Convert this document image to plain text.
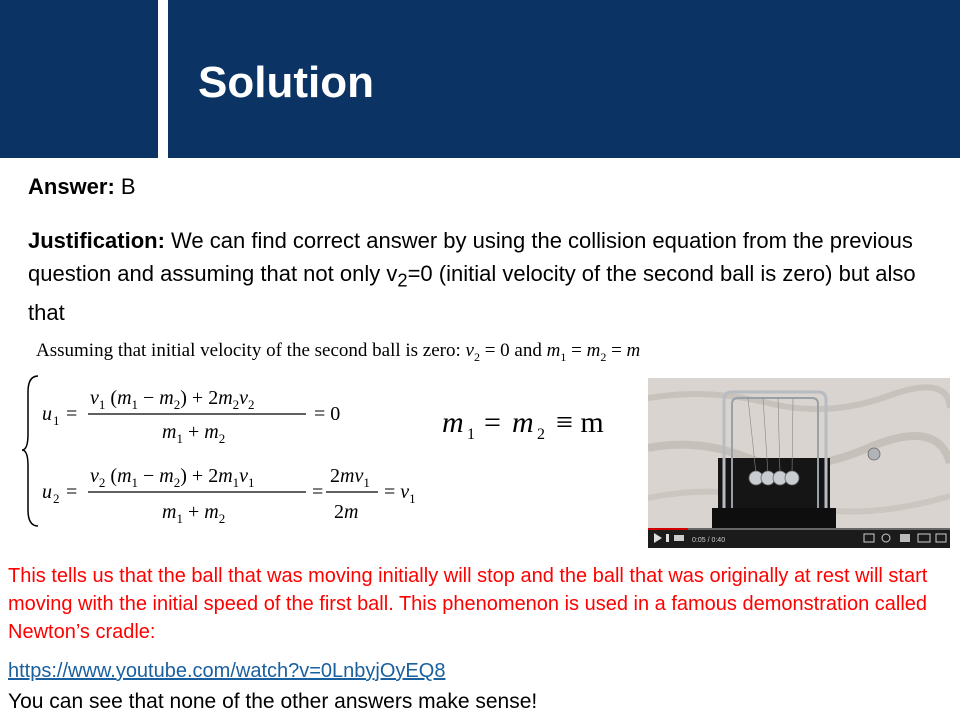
Solution
Answer: B
Justification: We can find correct answer by using the collision equation from the previous question and assuming that not only $v_2=0$ (initial velocity of the second ball is zero) but also that
Assuming that initial velocity of the second ball is zero: $v_2 = 0$ and $m_1 = m_2 = m$
u 1 =
$v_1$ $(m_1 - m_2) + 2m_2v_2$
$m_1 + m_2$
= 0
u 2 =
$v_2$ $(m_1 - m_2) + 2m_1v_1$
$m_1 + m_2$
=
$2mv_1$
2m
= $v_1$
m 1 = m 2 ≡ m
0:05 / 0:40
This tells us that the ball that was moving initially will stop and the ball that was originally at rest will start moving with the initial speed of the first ball. This phenomenon is used in a famous demonstration called Newton’s cradle:
https://www.youtube.com/watch?v=0LnbyjOyEQ8
You can see that none of the other answers make sense!
